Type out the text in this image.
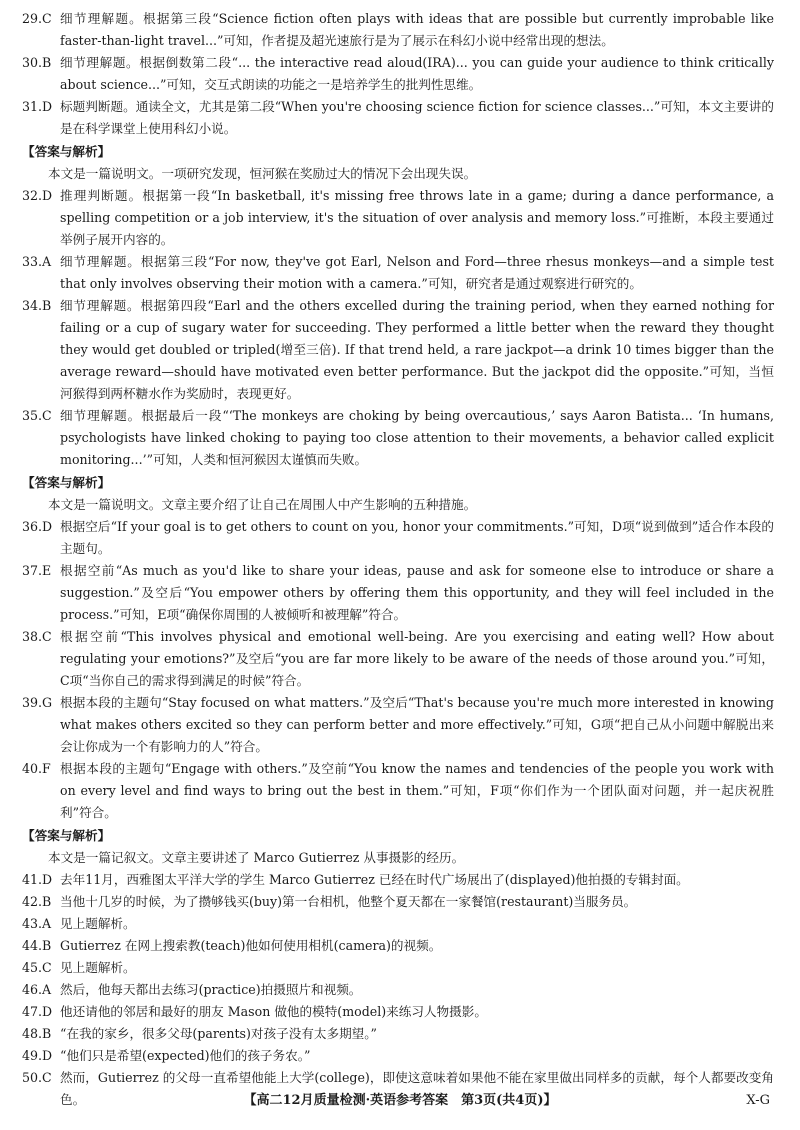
29. C 细节理解题。根据第三段“Science fiction often plays with ideas that are possible but currently improbable like faster-than-light travel...”可知，作者提及超光速旅行是为了展示在科幻小说中经常出现的想法。
30. B 细节理解题。根据倒数第二段“... the interactive read aloud(IRA)... you can guide your audience to think critically about science...”可知，交互式朗读的功能之一是培养学生的批判性思维。
31. D 标题判断题。通读全文，尤其是第二段“When you're choosing science fiction for science classes...”可知，本文主要讲的是在科学课堂上使用科幻小说。
【答案与解析】
本文是一篇说明文。一项研究发现，恒河猴在奖励过大的情况下会出现失误。
32. D 推理判断题。根据第一段“In basketball, it's missing free throws late in a game; during a dance performance, a spelling competition or a job interview, it's the situation of over analysis and memory loss.”可推断，本段主要通过举例子展开内容的。
33. A 细节理解题。根据第三段“For now, they've got Earl, Nelson and Ford—three rhesus monkeys—and a simple test that only involves observing their motion with a camera.”可知，研究者是通过观察进行研究的。
34. B 细节理解题。根据第四段“Earl and the others excelled during the training period, when they earned nothing for failing or a cup of sugary water for succeeding. They performed a little better when the reward they thought they would get doubled or tripled(增至三倍). If that trend held, a rare jackpot—a drink 10 times bigger than the average reward—should have motivated even better performance. But the jackpot did the opposite.”可知，当恒河猴得到两杯糖水作为奖励时，表现更好。
35. C 细节理解题。根据最后一段“‘The monkeys are choking by being overcautious,’ says Aaron Batista... ‘In humans, psychologists have linked choking to paying too close attention to their movements, a behavior called explicit monitoring...’”可知，人类和恒河猴因太谨慎而失败。
【答案与解析】
本文是一篇说明文。文章主要介绍了让自己在周围人中产生影响的五种措施。
36. D 根据空后“If your goal is to get others to count on you, honor your commitments.”可知，D项“说到做到”适合作本段的主题句。
37. E 根据空前“As much as you'd like to share your ideas, pause and ask for someone else to introduce or share a suggestion.”及空后“You empower others by offering them this opportunity, and they will feel included in the process.”可知，E项“确保你周围的人被倾听和被理解”符合。
38. C 根据空前“This involves physical and emotional well-being. Are you exercising and eating well? How about regulating your emotions?”及空后“you are far more likely to be aware of the needs of those around you.”可知，C项“当你自己的需求得到满足的时候”符合。
39. G 根据本段的主题句“Stay focused on what matters.”及空后“That's because you're much more interested in knowing what makes others excited so they can perform better and more effectively.”可知，G项“把自己从小问题中解脱出来会让你成为一个有影响力的人”符合。
40. F 根据本段的主题句“Engage with others.”及空前“You know the names and tendencies of the people you work with on every level and find ways to bring out the best in them.”可知，F项“你们作为一个团队面对问题，并一起庆祝胜利”符合。
【答案与解析】
本文是一篇记叙文。文章主要讲述了 Marco Gutierrez 从事摄影的经历。
41. D 去年11月，西雅图太平洋大学的学生 Marco Gutierrez 已经在时代广场展出了(displayed)他拍摄的专辑封面。
42. B 当他十几岁的时候，为了攒够钱买(buy)第一台相机，他整个夏天都在一家餐馆(restaurant)当服务员。
43. A 见上题解析。
44. B Gutierrez 在网上搜索教(teach)他如何使用相机(camera)的视频。
45. C 见上题解析。
46. A 然后，他每天都出去练习(practice)拍摄照片和视频。
47. D 他还请他的邻居和最好的朋友 Mason 做他的模特(model)来练习人物摄影。
48. B “在我的家乡，很多父母(parents)对孩子没有太多期望。”
49. D “他们只是希望(expected)他们的孩子务农。”
50. C 然而，Gutierrez 的父母一直希望他能上大学(college)，即使这意味着如果他不能在家里做出同样多的贡献，每个人都要改变角色。	【高二12月质量检测·英语参考答案　第3页(共4页)】	X-G
